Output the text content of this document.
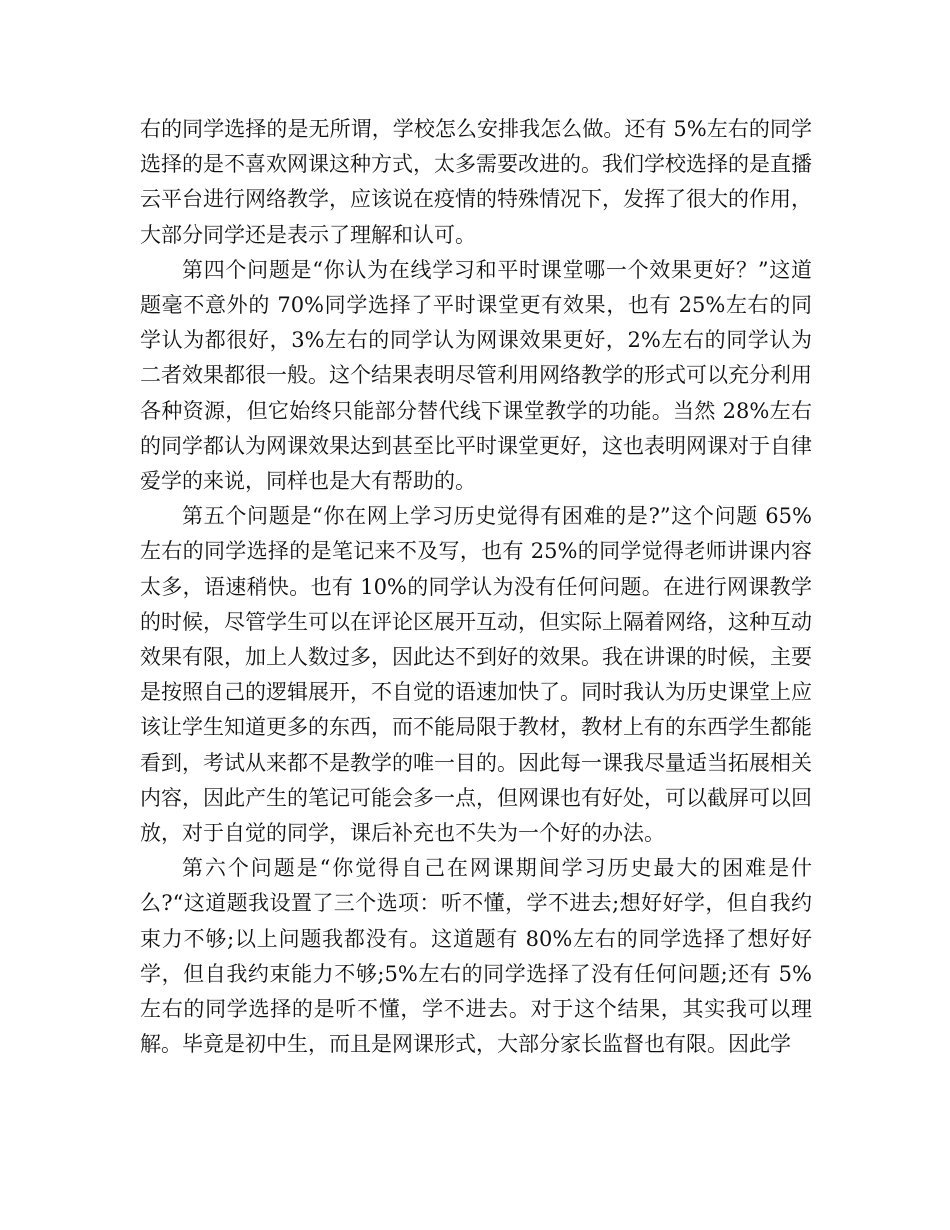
右的同学选择的是无所谓，学校怎么安排我怎么做。还有 5%左右的同学选择的是不喜欢网课这种方式，太多需要改进的。我们学校选择的是直播云平台进行网络教学，应该说在疫情的特殊情况下，发挥了很大的作用，大部分同学还是表示了理解和认可。

第四个问题是“你认为在线学习和平时课堂哪一个效果更好？”这道题毫不意外的 70%同学选择了平时课堂更有效果，也有 25%左右的同学认为都很好，3%左右的同学认为网课效果更好，2%左右的同学认为二者效果都很一般。这个结果表明尽管利用网络教学的形式可以充分利用各种资源，但它始终只能部分替代线下课堂教学的功能。当然 28%左右的同学都认为网课效果达到甚至比平时课堂更好，这也表明网课对于自律爱学的来说，同样也是大有帮助的。

第五个问题是“你在网上学习历史觉得有困难的是?”这个问题 65%左右的同学选择的是笔记来不及写，也有 25%的同学觉得老师讲课内容太多，语速稍快。也有 10%的同学认为没有任何问题。在进行网课教学的时候，尽管学生可以在评论区展开互动，但实际上隔着网络，这种互动效果有限，加上人数过多，因此达不到好的效果。我在讲课的时候，主要是按照自己的逻辑展开，不自觉的语速加快了。同时我认为历史课堂上应该让学生知道更多的东西，而不能局限于教材，教材上有的东西学生都能看到，考试从来都不是教学的唯一目的。因此每一课我尽量适当拓展相关内容，因此产生的笔记可能会多一点，但网课也有好处，可以截屏可以回放，对于自觉的同学，课后补充也不失为一个好的办法。

第六个问题是“你觉得自己在网课期间学习历史最大的困难是什么?“这道题我设置了三个选项：听不懂，学不进去;想好好学，但自我约束力不够;以上问题我都没有。这道题有 80%左右的同学选择了想好好学，但自我约束能力不够;5%左右的同学选择了没有任何问题;还有 5%左右的同学选择的是听不懂，学不进去。对于这个结果，其实我可以理解。毕竟是初中生，而且是网课形式，大部分家长监督也有限。因此学
